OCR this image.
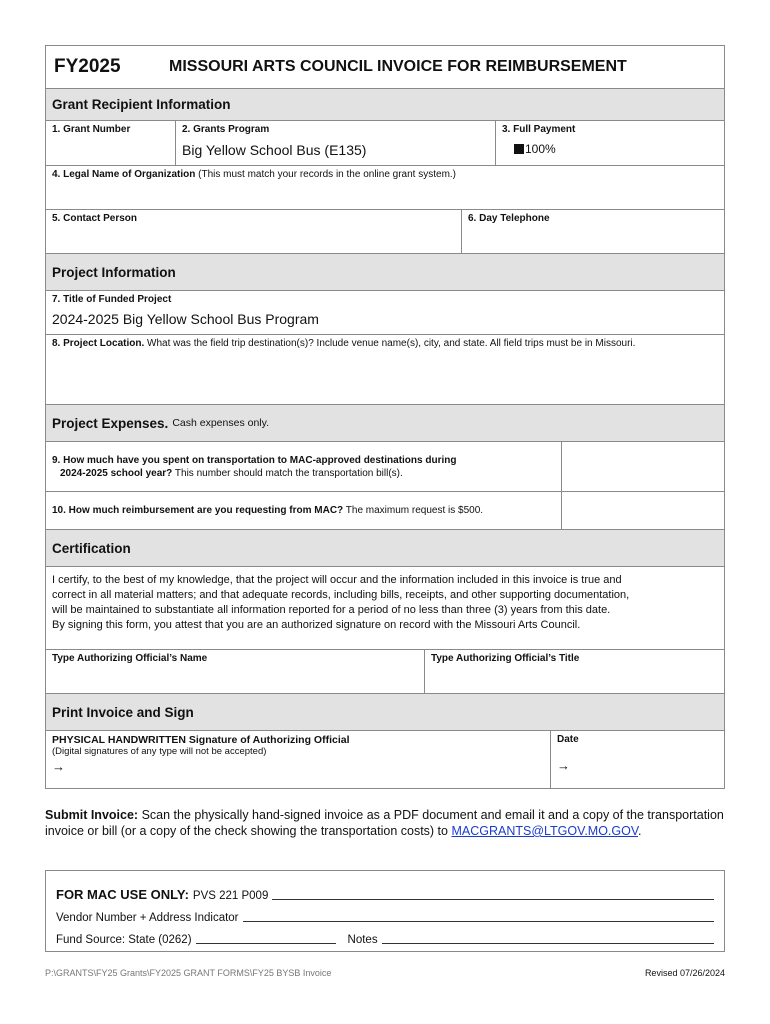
FY2025	MISSOURI ARTS COUNCIL INVOICE FOR REIMBURSEMENT
Grant Recipient Information
1. Grant Number	2. Grants Program
Big Yellow School Bus (E135)
3. Full Payment
100%
4. Legal Name of Organization (This must match your records in the online grant system.)
5. Contact Person	6. Day Telephone
Project Information
7. Title of Funded Project
2024-2025 Big Yellow School Bus Program
8. Project Location. What was the field trip destination(s)? Include venue name(s), city, and state. All field trips must be in Missouri.
Project Expenses. Cash expenses only.
9. How much have you spent on transportation to MAC-approved destinations during
2024-2025 school year? This number should match the transportation bill(s).
10. How much reimbursement are you requesting from MAC? The maximum request is $500.
Certification
I certify, to the best of my knowledge, that the project will occur and the information included in this invoice is true and
correct in all material matters; and that adequate records, including bills, receipts, and other supporting documentation,
will be maintained to substantiate all information reported for a period of no less than three (3) years from this date.
By signing this form, you attest that you are an authorized signature on record with the Missouri Arts Council.
Type Authorizing Official’s Name	Type Authorizing Official’s Title
Print Invoice and Sign
PHYSICAL HANDWRITTEN Signature of Authorizing Official
(Digital signatures of any type will not be accepted)
→
Date
→
Submit Invoice: Scan the physically hand-signed invoice as a PDF document and email it and a copy of the transportation invoice or bill (or a copy of the check showing the transportation costs) to MACGRANTS@LTGOV.MO.GOV.
FOR MAC USE ONLY: PVS 221 P009
Vendor Number + Address Indicator
Fund Source: State (0262)	Notes
P:\GRANTS\FY25 Grants\FY2025 GRANT FORMS\FY25 BYSB Invoice	Revised 07/26/2024
